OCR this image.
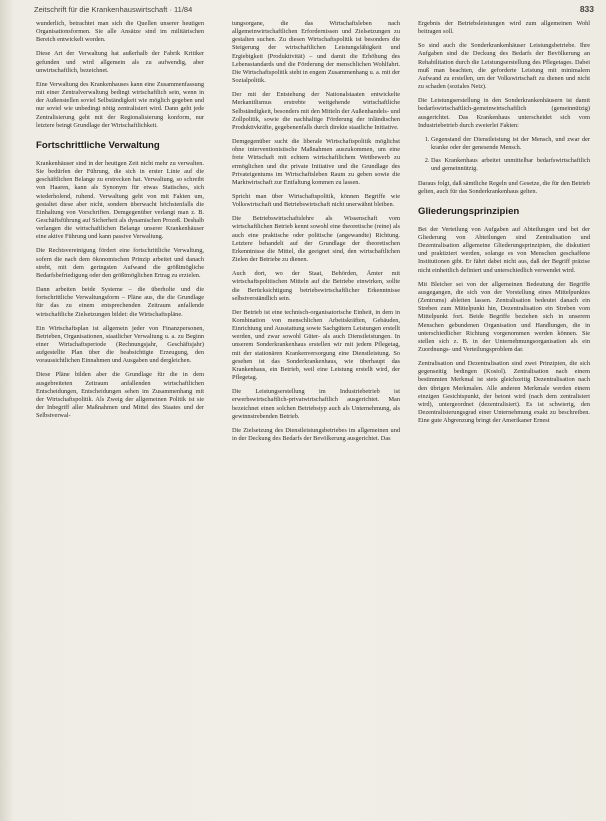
Zeitschrift für die Krankenhauswirtschaft · 11/84	833

wunderlich, betrachtet man sich die Quellen unserer heutigen Organisationsformen. Sie alle Ansätze sind im militärischen Bereich entwickelt worden.

Diese Art der Verwaltung hat außerhalb der Fabrik Kritiker gefunden und wird allgemein als zu aufwendig, aber unwirtschaftlich, bezeichnet.

Eine Verwaltung des Krankenhauses kann eine Zusammenfassung mit einer Zentralverwaltung bedingt wirtschaftlich sein, wenn in der Außenstellen soviel Selbständigkeit wie möglich gegeben und nur soviel wie unbedingt nötig zentralisiert wird. Dann geht jede Zentralisierung geht mit der Regionalisierung konform, nur letztere beingt Grundlage der Wirtschaftlichkeit.

Fortschrittliche Verwaltung

Krankenhäuser sind in der heutigen Zeit nicht mehr zu verwalten. Sie bedürfen der Führung, die sich in erster Linie auf die geschäftlichen Belange zu erstrecken hat. Verwaltung, so schreibt von Haaren, kann als Synonym für etwas Statisches, sich wiederholend, ruhend. Verwaltung geht von mit Fakten um, gestaltet diese aber nicht, sondern überwacht höchstenfalls die Einhaltung von Vorschriften. Demgegenüber verlangt man z. B. Geschäftsführung auf Sicherheit als dynamischen Prozeß. Deshalb verlangen die wirtschaftlichen Belange unserer Krankenhäuser eine aktive Führung und kann passive Verwaltung.

Die Rechtsvereinigung fördert eine fortschrittliche Verwaltung, sofern die nach dem ökonomischen Prinzip arbeitet und danach strebt, mit dem geringsten Aufwand die größtmögliche Bedarfsbefriedigung oder den größtmöglichen Ertrag zu erzielen.

Dann arbeiten beide Systeme – die überholte und die fortschrittliche Verwaltungsform – Pläne aus, die die Grundlage für das zu einem entsprechenden Zeitraum anfallende wirtschaftliche Zielsetzungen bildet: die Wirtschaftspläne.

Ein Wirtschaftsplan ist allgemein jeder von Finanzpersonen, Betrieben, Organisationen, staatlicher Verwaltung u. a. zu Beginn einer Wirtschaftsperiode (Rechnungsjahr, Geschäftsjahr) aufgestellte Plan über die beabsichtigte Erzeugung, den voraussichtlichen Einnahmen und Ausgaben und dergleichen.

Diese Pläne bilden aber die Grundlage für die in dem ausgebreiteten Zeitraum anfallenden wirtschaftlichen Entscheidungen, Entscheidungen sehen im Zusammenhang mit der Wirtschaftspolitik. Als Zweig der allgemeinen Politik ist sie der Inbegriff aller Maßnahmen und Mittel des Staates und der Selbstverwal-

tungsorgane, die das Wirtschaftsleben nach allgemeinwirtschaftlichen Erfordernissen und Zielsetzungen zu gestalten suchen. Zu diesen Wirtschaftspolitik ist besonders die Steigerung der wirtschaftlichen Leistungsfähigkeit und Ergiebigkeit (Produktivität) – und damit die Erhöhung des Lebensstandards und die Förderung der menschlichen Wohlfahrt. Die Wirtschaftspolitik steht in engem Zusammenhang u. a. mit der Sozialpolitik.

Der mit der Entstehung der Nationalstaaten entwickelte Merkantilismus erstrebte weitgehende wirtschaftliche Selbständigkeit, besonders mit den Mitteln der Außenhandels- und Zollpolitik, sowie die nachhaltige Förderung der inländischen Produktivkräfte, gegebenenfalls durch direkte staatliche Initiative.

Demgegenüber sucht die liberale Wirtschaftspolitik möglichst ohne interventionistische Maßnahmen auszukommen, um eine freie Wirtschaft mit echtem wirtschaftlichem Wettbewerb zu ermöglichen und die private Initiative und die Grundlage des Privateigentums im Wirtschaftsleben Raum zu geben sowie die Marktwirtschaft zur Entfaltung kommen zu lassen.

Spricht man über Wirtschaftspolitik, können Begriffe wie Volkswirtschaft und Betriebswirtschaft nicht unerwähnt bleiben.

Die Betriebswirtschaftslehre als Wissenschaft vom wirtschaftlichen Betrieb kennt sowohl eine theoretische (reine) als auch eine praktische oder politische (angewandte) Richtung. Letztere behandelt auf der Grundlage der theoretischen Erkenntnisse die Mittel, die geeignet sind, den wirtschaftlichen Zielen der Betriebe zu dienen.

Auch dort, wo der Staat, Behörden, Ämter mit wirtschaftspolitischen Mitteln auf die Betriebe einwirken, sollte die Berücksichtigung betriebswirtschaftlicher Erkenntnisse selbstverständlich sein.

Der Betrieb ist eine technisch-organisatorische Einheit, in dem in Kombination von menschlichen Arbeitskräften, Gebäuden, Einrichtung und Ausstattung sowie Sachgütern Leistungen erstellt werden, und zwar sowohl Güter- als auch Dienstleistungen. In unserem Sonderkrankenhaus erstellen wir mit jedem Pflegetag, mit der stationären Krankenversorgung eine Dienstleistung. So gesehen ist das Sonderkrankenhaus, wie überhaupt das Krankenhaus, ein Betrieb, weil eine Leistung erstellt wird, der Pflegetag.

Die Leistungserstellung im Industriebetrieb ist erwerbswirtschaftlich-privatwirtschaftlich ausgerichtet. Man bezeichnet einen solchen Betriebstyp auch als Unternehmung, als gewinnstrebenden Betrieb.

Die Zielsetzung des Dienstleistungsbetriebes im allgemeinen und in der Deckung des Bedarfs der Bevölkerung ausgerichtet. Das

Ergebnis der Betriebsleistungen wird zum allgemeinen Wohl beitragen soll.

So sind auch die Sonderkrankenhäuser Leistungsbetriebe. Ihre Aufgaben sind die Deckung des Bedarfs der Bevölkerung an Rehabilitation durch die Leistungserstellung des Pflegetages. Dabei muß man beachten, die geforderte Leistung mit minimalem Aufwand zu erstellen, um der Volkswirtschaft zu dienen und nicht zu schaden (soziales Netz).

Die Leistungserstellung in den Sonderkrankenhäusern ist damit bedarfswirtschaftlich-gemeinwirtschaftlich (gemeinnützig) ausgerichtet. Das Krankenhaus unterscheidet sich vom Industriebetrieb durch zweierlei Fakten:

1. Gegenstand der Dienstleistung ist der Mensch, und zwar der kranke oder der genesende Mensch.
2. Das Krankenhaus arbeitet unmittelbar bedarfswirtschaftlich und gemeinnützig.

Daraus folgt, daß sämtliche Regeln und Gesetze, die für den Betrieb gelten, auch für das Sonderkrankenhaus gelten.

Gliederungsprinzipien

Bei der Verteilung von Aufgaben auf Abteilungen und bei der Gliederung von Abteilungen sind Zentralisation und Dezentralisation allgemeine Gliederungsprinzipien, die diskutiert und praktiziert werden, solange es von Menschen geschaffene Institutionen gibt. Er fährt dabei nicht aus, daß der Begriff präzise nicht einheitlich definiert und unterschiedlich verwendet wird.

Mit Bleicher sei von der allgemeinen Bedeutung der Begriffe ausgegangen, die sich von der Vorstellung eines Mittelpunktes (Zentrums) ableiten lassen. Zentralisation bedeutet danach ein Streben zum Mittelpunkt hin, Dezentralisation ein Streben vom Mittelpunkt fort. Beide Begriffe beziehen sich in unserem Menschen gebundenen Organisation und Handlungen, die in unterschiedlicher Richtung vorgenommen werden können. Sie stellen sich z. B. in der Unternehmungsorganisation als ein Zuordnungs- und Verteilungsproblem dar.

Zentralisation und Dezentralisation sind zwei Prinzipien, die sich gegenseitig bedingen (Kosiol). Zentralisation nach einem bestimmten Merkmal ist stets gleichzeitig Dezentralisation nach den übrigen Merkmalen. Alle anderen Merkmale werden einem einzigen Gesichtspunkt, der betont wird (nach dem zentralisiert wird), untergeordnet (dezentralisiert). Es ist schwierig, den Dezentralisierungsgrad einer Unternehmung exakt zu beschreiben. Eine gute Abgrenzung bringt der Amerikaner Ernest
